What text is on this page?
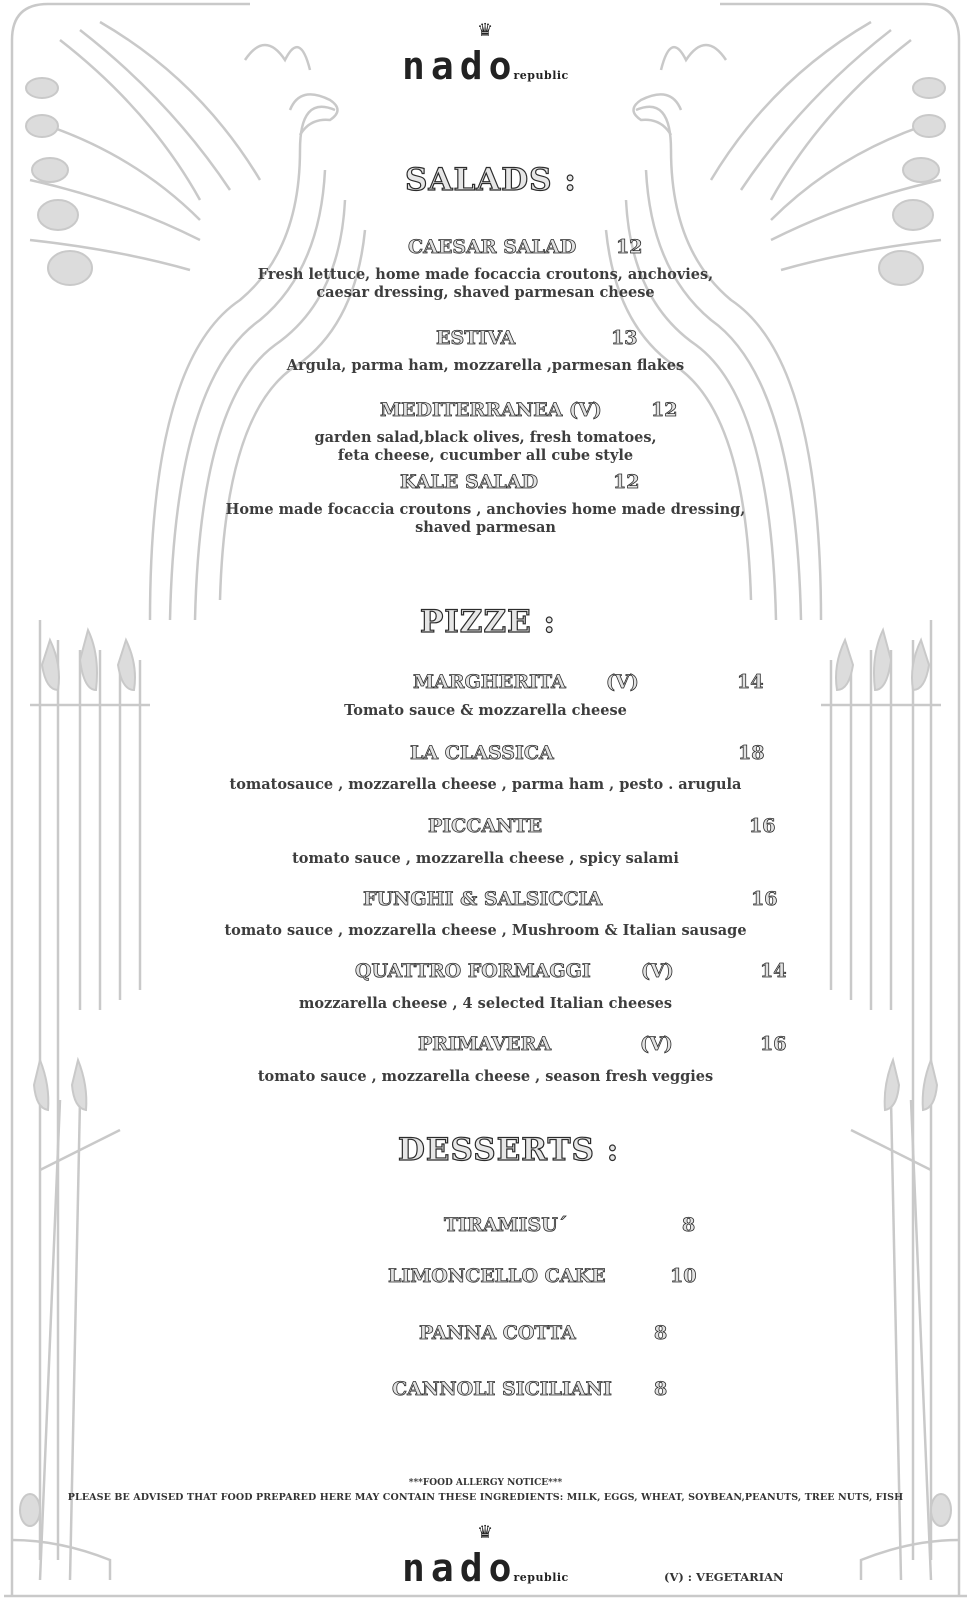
♛
nadorepublic
SALADS :
CAESAR SALAD 12
Fresh lettuce, home made focaccia croutons, anchovies,
caesar dressing, shaved parmesan cheese
ESTIVA	13
Argula, parma ham, mozzarella ,parmesan flakes
MEDITERRANEA (V)	12
garden salad,black olives, fresh tomatoes,
feta cheese, cucumber all cube style
KALE SALAD	12
Home made focaccia croutons , anchovies home made dressing,
shaved parmesan
PIZZE :
MARGHERITA (V)	14
Tomato sauce & mozzarella cheese
LA CLASSICA	18
tomatosauce , mozzarella cheese , parma ham , pesto . arugula
PICCANTE	16
tomato sauce , mozzarella cheese , spicy salami
FUNGHI & SALSICCIA	16
tomato sauce , mozzarella cheese , Mushroom & Italian sausage
QUATTRO FORMAGGI	(V)	14
mozzarella cheese , 4 selected Italian cheeses
PRIMAVERA	(V)	16
tomato sauce , mozzarella cheese , season fresh veggies
DESSERTS :
TIRAMISU´	8
LIMONCELLO CAKE	10
PANNA COTTA	8
CANNOLI SICILIANI 8
***FOOD ALLERGY NOTICE***
PLEASE BE ADVISED THAT FOOD PREPARED HERE MAY CONTAIN THESE INGREDIENTS: MILK, EGGS, WHEAT, SOYBEAN,PEANUTS, TREE NUTS, FISH
♛
nadorepublic	(V) : VEGETARIAN
